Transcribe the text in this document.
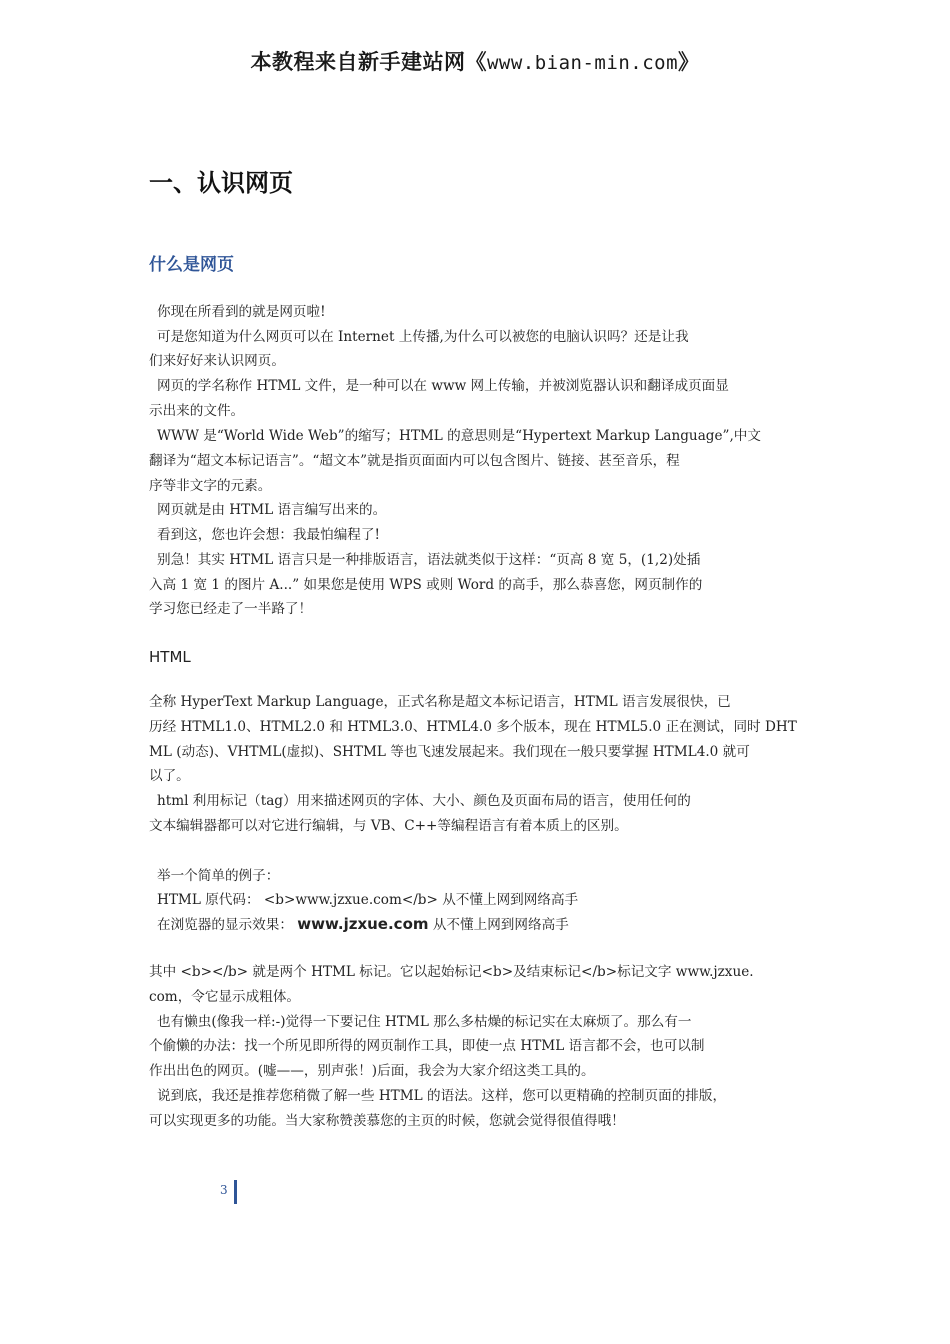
本教程来自新手建站网《www.bian-min.com》
一、认识网页
什么是网页
你现在所看到的就是网页啦!
可是您知道为什么网页可以在 Internet 上传播,为什么可以被您的电脑认识吗？还是让我
们来好好来认识网页。
网页的学名称作 HTML 文件，是一种可以在 www 网上传输，并被浏览器认识和翻译成页面显
示出来的文件。
WWW 是“World Wide Web”的缩写；HTML 的意思则是“Hypertext Markup Language”,中文
翻译为“超文本标记语言”。“超文本”就是指页面面内可以包含图片、链接、甚至音乐，程
序等非文字的元素。
网页就是由 HTML 语言编写出来的。
看到这，您也许会想：我最怕编程了!
别急！其实 HTML 语言只是一种排版语言，语法就类似于这样：“页高 8 宽 5，(1,2)处插
入高 1 宽 1 的图片 A...” 如果您是使用 WPS 或则 Word 的高手，那么恭喜您，网页制作的
学习您已经走了一半路了！
HTML
全称 HyperText Markup Language，正式名称是超文本标记语言，HTML 语言发展很快，已
历经 HTML1.0、HTML2.0 和 HTML3.0、HTML4.0 多个版本，现在 HTML5.0 正在测试，同时 DHT
ML (动态)、VHTML(虚拟)、SHTML 等也飞速发展起来。我们现在一般只要掌握 HTML4.0 就可
以了。
html 利用标记（tag）用来描述网页的字体、大小、颜色及页面布局的语言，使用任何的
文本编辑器都可以对它进行编辑，与 VB、C++等编程语言有着本质上的区别。
举一个简单的例子：
HTML 原代码： <b>www.jzxue.com</b> 从不懂上网到网络高手
在浏览器的显示效果： www.jzxue.com 从不懂上网到网络高手
其中 <b></b> 就是两个 HTML 标记。它以起始标记<b>及结束标记</b>标记文字 www.jzxue.
com，令它显示成粗体。
也有懒虫(像我一样:-)觉得一下要记住 HTML 那么多枯燥的标记实在太麻烦了。那么有一
个偷懒的办法：找一个所见即所得的网页制作工具，即使一点 HTML 语言都不会，也可以制
作出出色的网页。(嘘——，别声张！)后面，我会为大家介绍这类工具的。
说到底，我还是推荐您稍微了解一些 HTML 的语法。这样，您可以更精确的控制页面的排版，
可以实现更多的功能。当大家称赞羡慕您的主页的时候，您就会觉得很值得哦！
3
